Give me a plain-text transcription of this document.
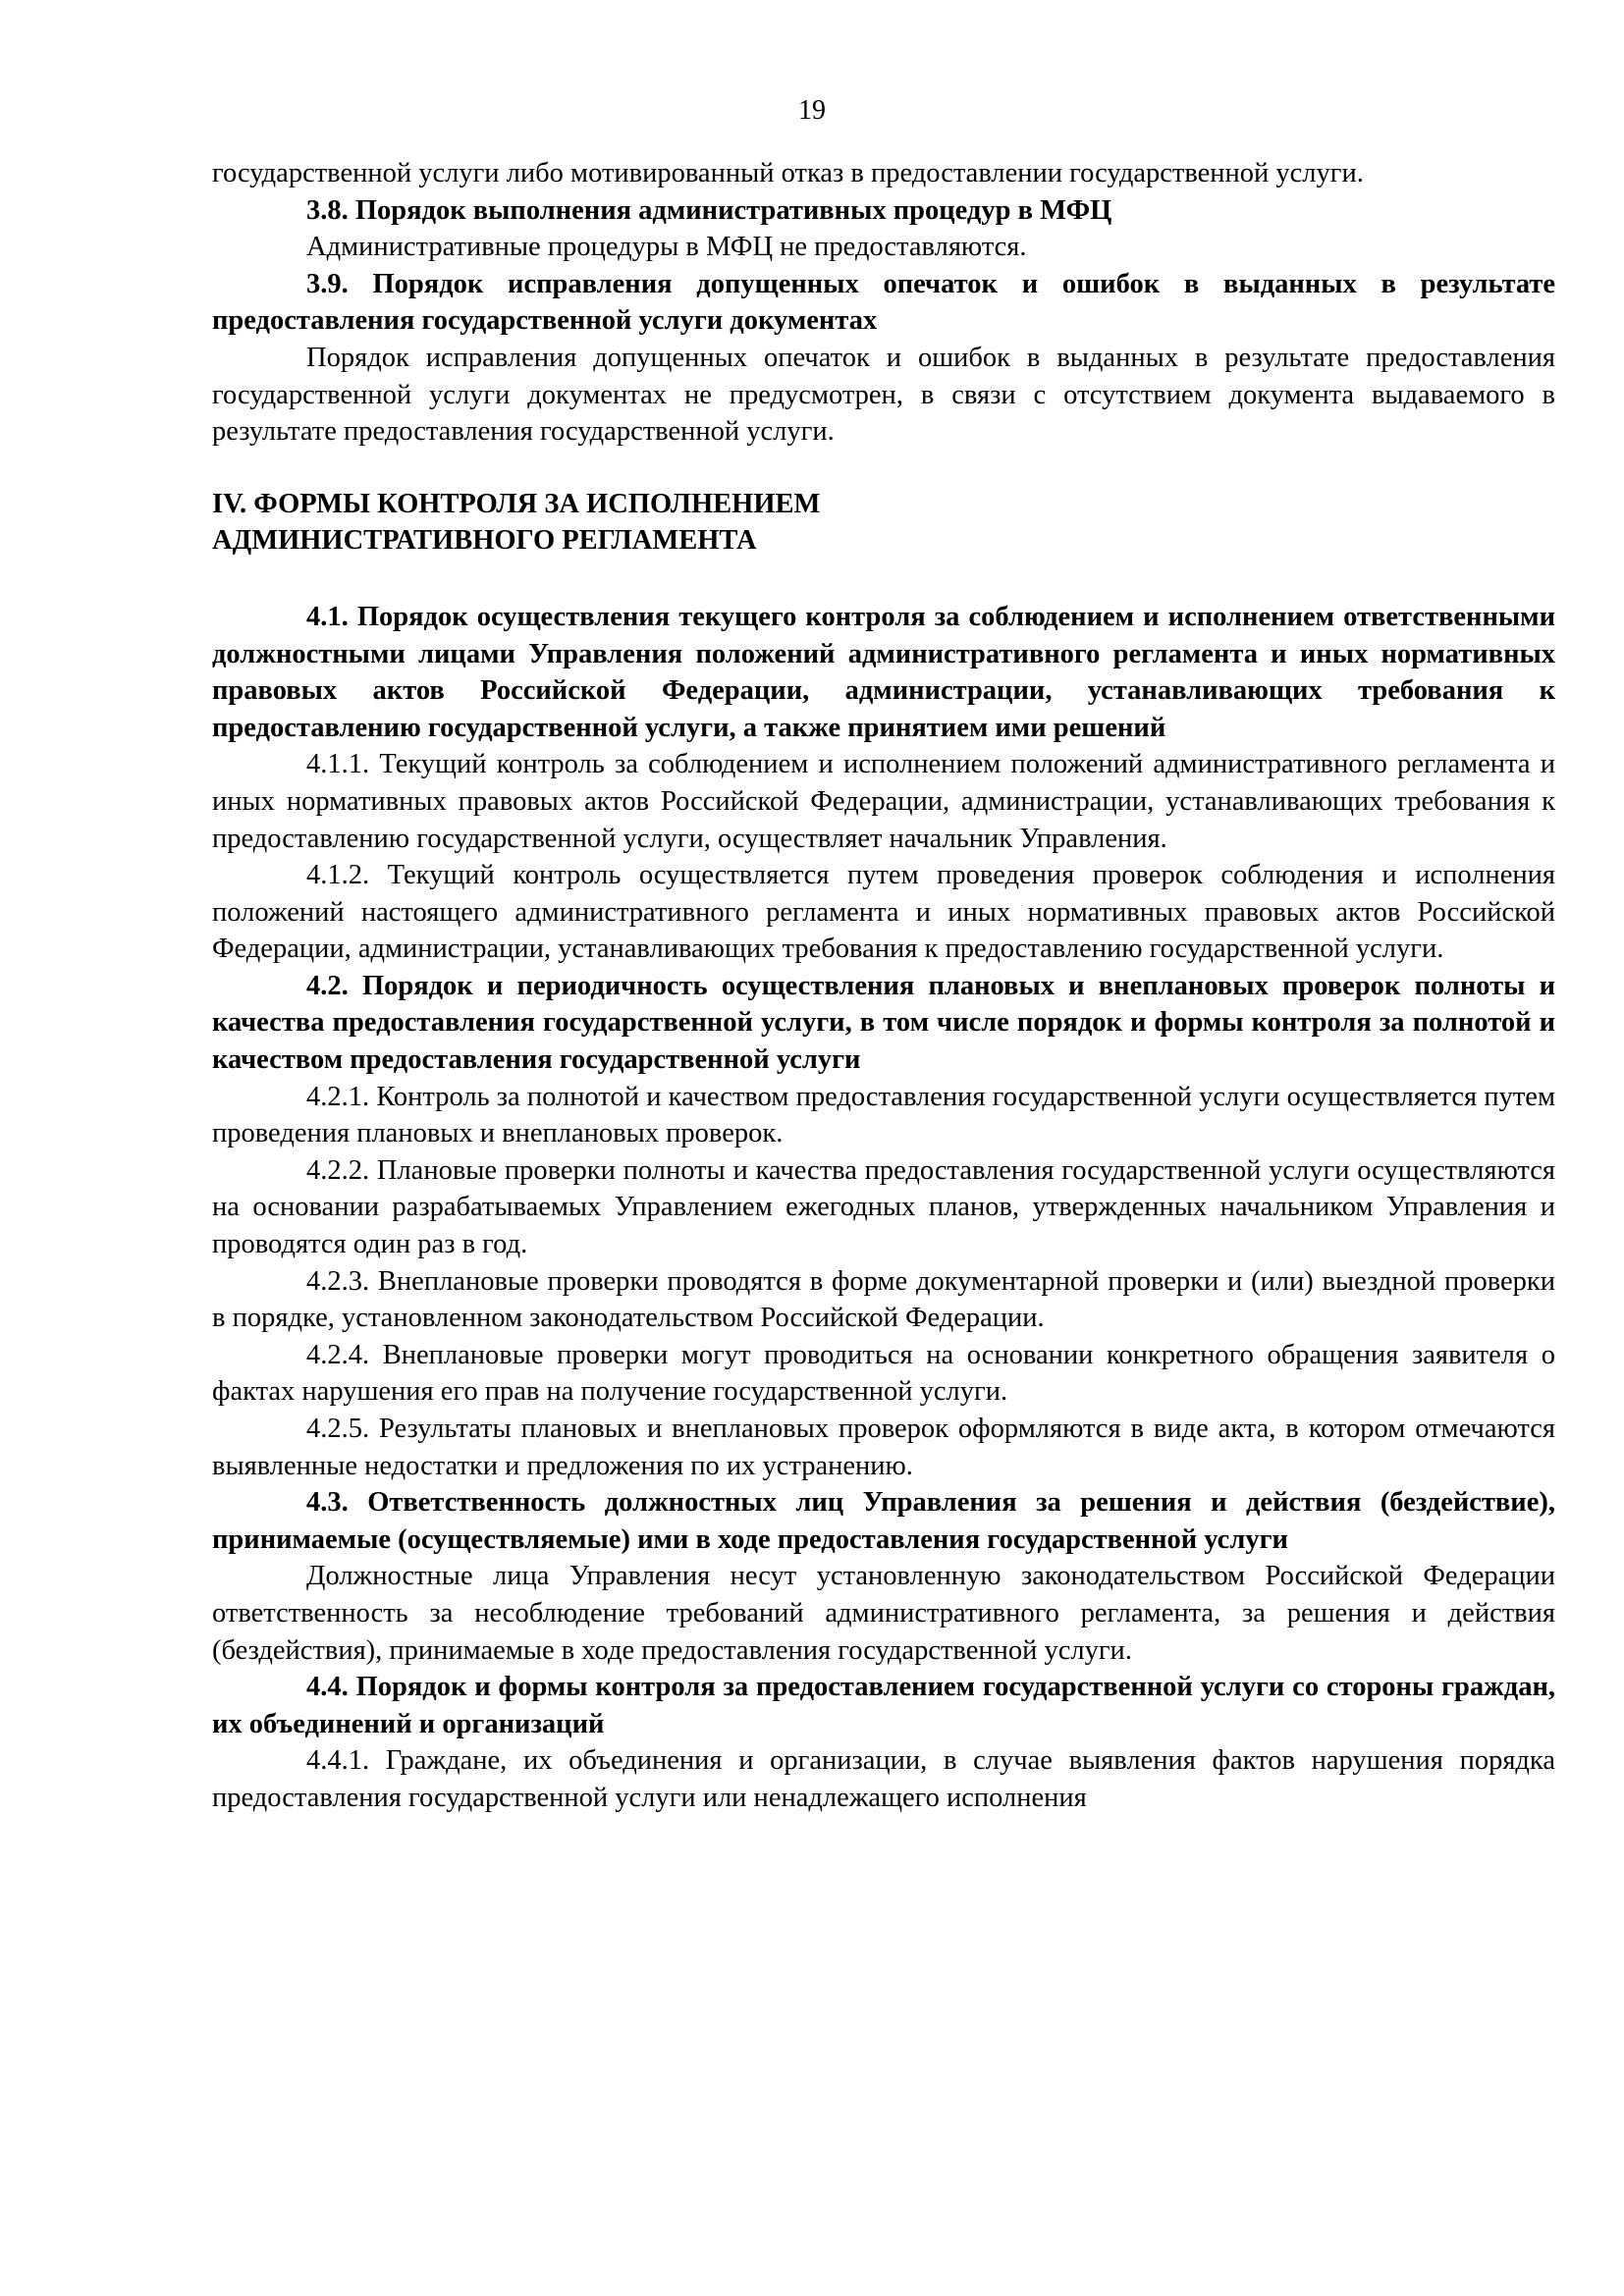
19

государственной услуги либо мотивированный отказ в предоставлении государственной услуги.

3.8. Порядок выполнения административных процедур в МФЦ

Административные процедуры в МФЦ не предоставляются.

3.9. Порядок исправления допущенных опечаток и ошибок в выданных в результате предоставления государственной услуги документах

Порядок исправления допущенных опечаток и ошибок в выданных в результате предоставления государственной услуги документах не предусмотрен, в связи с отсутствием документа выдаваемого в результате предоставления государственной услуги.

IV. ФОРМЫ КОНТРОЛЯ ЗА ИСПОЛНЕНИЕМ

АДМИНИСТРАТИВНОГО РЕГЛАМЕНТА

4.1. Порядок осуществления текущего контроля за соблюдением и исполнением ответственными должностными лицами Управления положений административного регламента и иных нормативных правовых актов Российской Федерации, администрации, устанавливающих требования к предоставлению государственной услуги, а также принятием ими решений

4.1.1. Текущий контроль за соблюдением и исполнением положений административного регламента и иных нормативных правовых актов Российской Федерации, администрации, устанавливающих требования к предоставлению государственной услуги, осуществляет начальник Управления.

4.1.2. Текущий контроль осуществляется путем проведения проверок соблюдения и исполнения положений настоящего административного регламента и иных нормативных правовых актов Российской Федерации, администрации, устанавливающих требования к предоставлению государственной услуги.

4.2. Порядок и периодичность осуществления плановых и внеплановых проверок полноты и качества предоставления государственной услуги, в том числе порядок и формы контроля за полнотой и качеством предоставления государственной услуги

4.2.1. Контроль за полнотой и качеством предоставления государственной услуги осуществляется путем проведения плановых и внеплановых проверок.

4.2.2. Плановые проверки полноты и качества предоставления государственной услуги осуществляются на основании разрабатываемых Управлением ежегодных планов, утвержденных начальником Управления и проводятся один раз в год.

4.2.3. Внеплановые проверки проводятся в форме документарной проверки и (или) выездной проверки в порядке, установленном законодательством Российской Федерации.

4.2.4. Внеплановые проверки могут проводиться на основании конкретного обращения заявителя о фактах нарушения его прав на получение государственной услуги.

4.2.5. Результаты плановых и внеплановых проверок оформляются в виде акта, в котором отмечаются выявленные недостатки и предложения по их устранению.

4.3. Ответственность должностных лиц Управления за решения и действия (бездействие), принимаемые (осуществляемые) ими в ходе предоставления государственной услуги

Должностные лица Управления несут установленную законодательством Российской Федерации ответственность за несоблюдение требований административного регламента, за решения и действия (бездействия), принимаемые в ходе предоставления государственной услуги.

4.4. Порядок и формы контроля за предоставлением государственной услуги со стороны граждан, их объединений и организаций

4.4.1. Граждане, их объединения и организации, в случае выявления фактов нарушения порядка предоставления государственной услуги или ненадлежащего исполнения
